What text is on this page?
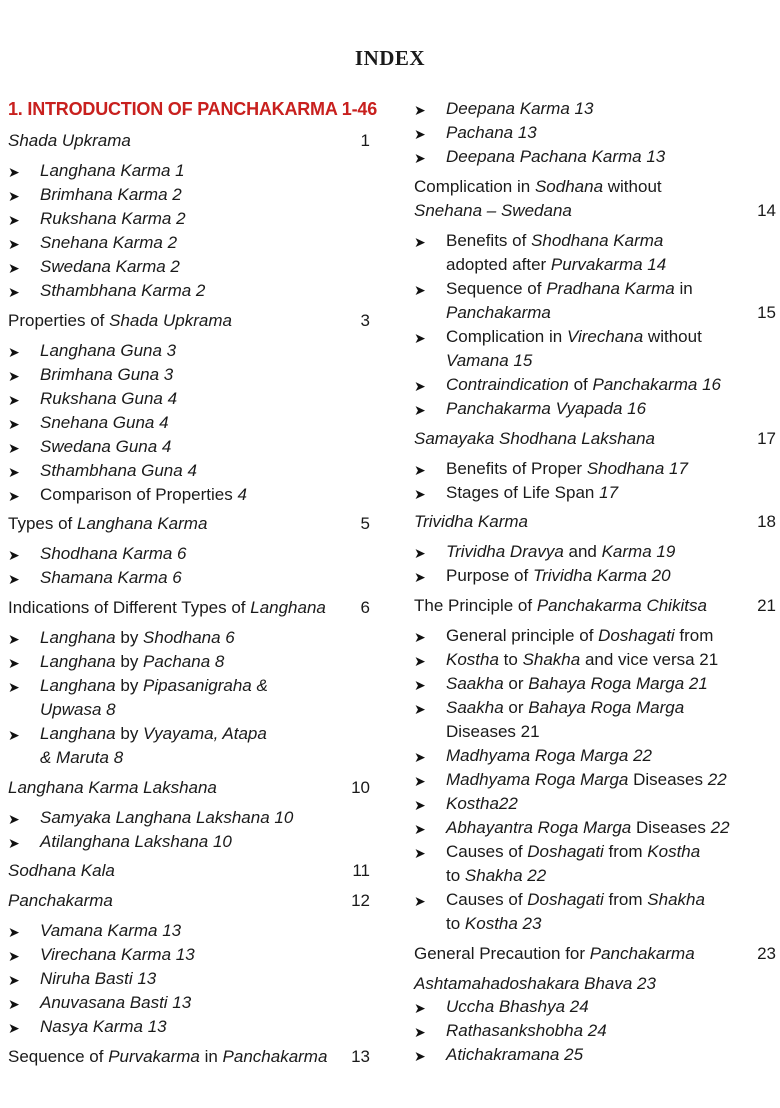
INDEX
1. INTRODUCTION OF PANCHAKARMA 1-46
Shada Upkrama	1
➤ Langhana Karma 1
➤ Brimhana Karma 2
➤ Rukshana Karma 2
➤ Snehana Karma 2
➤ Swedana Karma 2
➤ Sthambhana Karma 2
Properties of Shada Upkrama	3
➤ Langhana Guna 3
➤ Brimhana Guna 3
➤ Rukshana Guna 4
➤ Snehana Guna 4
➤ Swedana Guna 4
➤ Sthambhana Guna 4
➤ Comparison of Properties 4
Types of Langhana Karma	5
➤ Shodhana Karma 6
➤ Shamana Karma 6
Indications of Different Types of Langhana 6
➤ Langhana by Shodhana 6
➤ Langhana by Pachana 8
➤ Langhana by Pipasanigraha &
Upwasa 8
➤ Langhana by Vyayama, Atapa
& Maruta 8
Langhana Karma Lakshana	10
➤ Samyaka Langhana Lakshana 10
➤ Atilanghana Lakshana 10
Sodhana Kala	11
Panchakarma	12
➤ Vamana Karma 13
➤ Virechana Karma 13
➤ Niruha Basti 13
➤ Anuvasana Basti 13
➤ Nasya Karma 13
Sequence of Purvakarma in Panchakarma 13
➤ Deepana Karma 13
➤ Pachana 13
➤ Deepana Pachana Karma 13
Complication in Sodhana without
Snehana – Swedana	14
➤ Benefits of Shodhana Karma
adopted after Purvakarma 14
➤ Sequence of Pradhana Karma in
Panchakarma	15
➤ Complication in Virechana without
Vamana 15
➤ Contraindication of Panchakarma 16
➤ Panchakarma Vyapada 16
Samayaka Shodhana Lakshana	17
➤ Benefits of Proper Shodhana 17
➤ Stages of Life Span 17
Trividha Karma	18
➤ Trividha Dravya and Karma 19
➤ Purpose of Trividha Karma 20
The Principle of Panchakarma Chikitsa	21
➤ General principle of Doshagati from
➤ Kostha to Shakha and vice versa 21
➤ Saakha or Bahaya Roga Marga 21
➤ Saakha or Bahaya Roga Marga
Diseases 21
➤ Madhyama Roga Marga 22
➤ Madhyama Roga Marga Diseases 22
➤ Kostha22
➤ Abhayantra Roga Marga Diseases 22
➤ Causes of Doshagati from Kostha
to Shakha 22
➤ Causes of Doshagati from Shakha
to Kostha 23
General Precaution for Panchakarma	23
Ashtamahadoshakara Bhava 23
➤ Uccha Bhashya 24
➤ Rathasankshobha 24
➤ Atichakramana 25
